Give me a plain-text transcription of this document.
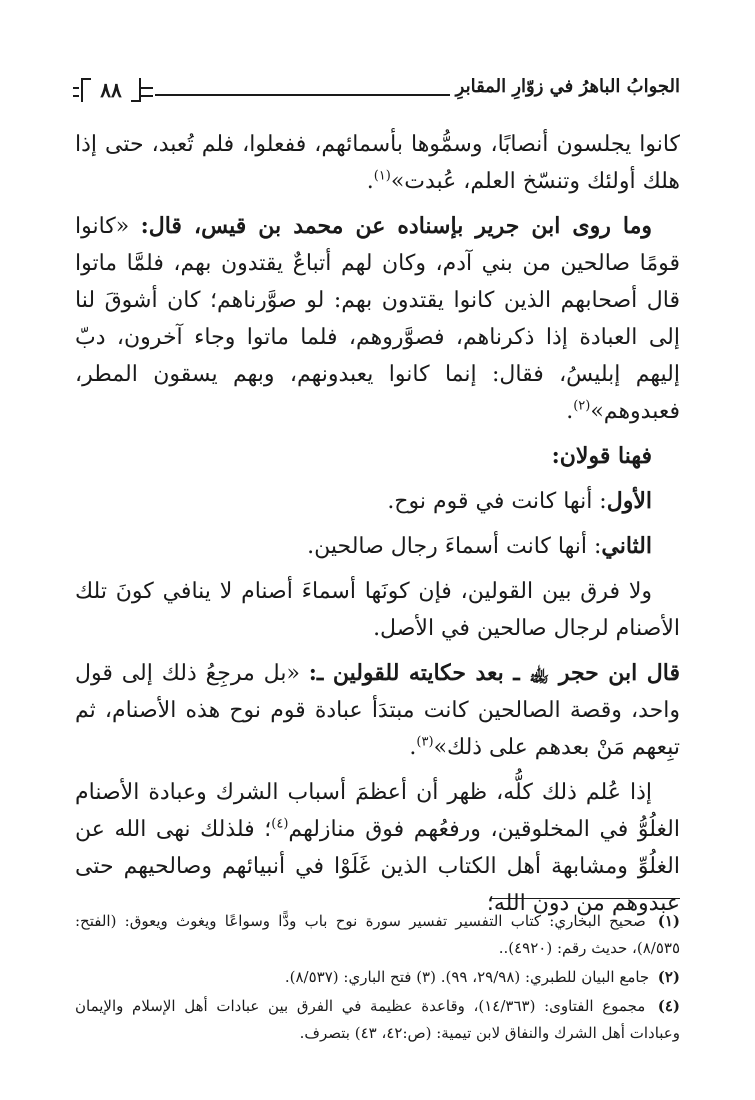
الجوابُ الباهرُ في زوّارِ المقابرِ
٨٨

كانوا يجلسون أنصابًا، وسمُّوها بأسمائهم، ففعلوا، فلم تُعبد، حتى إذا هلك أولئك وتنسّخ العلم، عُبدت»$^{(١)}$.

وما روى ابن جرير بإسناده عن محمد بن قيس، قال: «كانوا قومًا صالحين من بني آدم، وكان لهم أتباعٌ يقتدون بهم، فلمَّا ماتوا قال أصحابهم الذين كانوا يقتدون بهم: لو صوَّرناهم؛ كان أشوقَ لنا إلى العبادة إذا ذكرناهم، فصوَّروهم، فلما ماتوا وجاء آخرون، دبّ إليهم إبليسُ، فقال: إنما كانوا يعبدونهم، وبهم يسقون المطر، فعبدوهم»$^{(٢)}$.

فهنا قولان:

الأول: أنها كانت في قوم نوح.

الثاني: أنها كانت أسماءَ رجال صالحين.

ولا فرق بين القولين، فإن كونَها أسماءَ أصنام لا ينافي كونَ تلك الأصنام لرجال صالحين في الأصل.

قال ابن حجر ﵀ ـ بعد حكايته للقولين ـ: «بل مرجِعُ ذلك إلى قول واحد، وقصة الصالحين كانت مبتدَأ عبادة قوم نوح هذه الأصنام، ثم تبِعهم مَنْ بعدهم على ذلك»$^{(٣)}$.

إذا عُلم ذلك كلُّه، ظهر أن أعظمَ أسباب الشرك وعبادة الأصنام الغلُوُّ في المخلوقين، ورفعُهم فوق منازلهم$^{(٤)}$؛ فلذلك نهى الله عن الغلُوِّ ومشابهة أهل الكتاب الذين غَلَوْا في أنبيائهم وصالحيهم حتى عبدوهم من دون الله؛

(١) صحيح البخاري: كتاب التفسير تفسير سورة نوح باب ودًّا وسواعًا ويغوث ويعوق: (الفتح: ٨/٥٣٥)، حديث رقم: (٤٩٢٠)..

(٢) جامع البيان للطبري: (٢٩/٩٨، ٩٩). (٣) فتح الباري: (٨/٥٣٧).

(٤) مجموع الفتاوى: (١٤/٣٦٣)، وقاعدة عظيمة في الفرق بين عبادات أهل الإسلام والإيمان وعبادات أهل الشرك والنفاق لابن تيمية: (ص:٤٢، ٤٣) بتصرف.
